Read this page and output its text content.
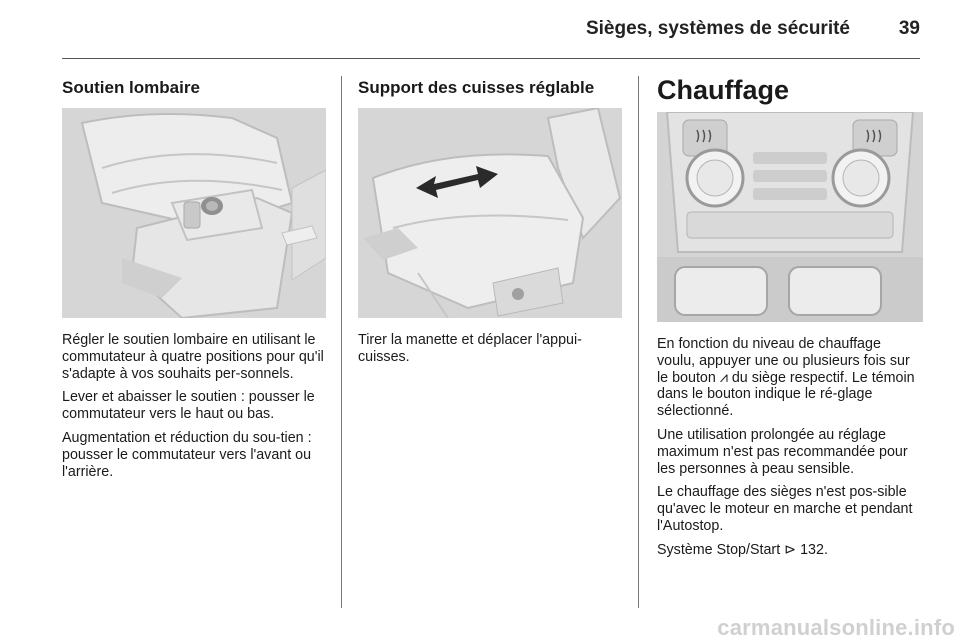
Sièges, systèmes de sécurité	39
Soutien lombaire

Régler le soutien lombaire en utilisant le commutateur à quatre positions pour qu'il s'adapte à vos souhaits per-sonnels.

Lever et abaisser le soutien : pousser le commutateur vers le haut ou bas.

Augmentation et réduction du sou-tien : pousser le commutateur vers l'avant ou l'arrière.

Support des cuisses réglable

Tirer la manette et déplacer l'appui-cuisses.

Chauffage

En fonction du niveau de chauffage voulu, appuyer une ou plusieurs fois sur le bouton ⩘ du siège respectif. Le témoin dans le bouton indique le ré-glage sélectionné.

Une utilisation prolongée au réglage maximum n'est pas recommandée pour les personnes à peau sensible.

Le chauffage des sièges n'est pos-sible qu'avec le moteur en marche et pendant l'Autostop.

Système Stop/Start ⊳ 132.

carmanualsonline.info
